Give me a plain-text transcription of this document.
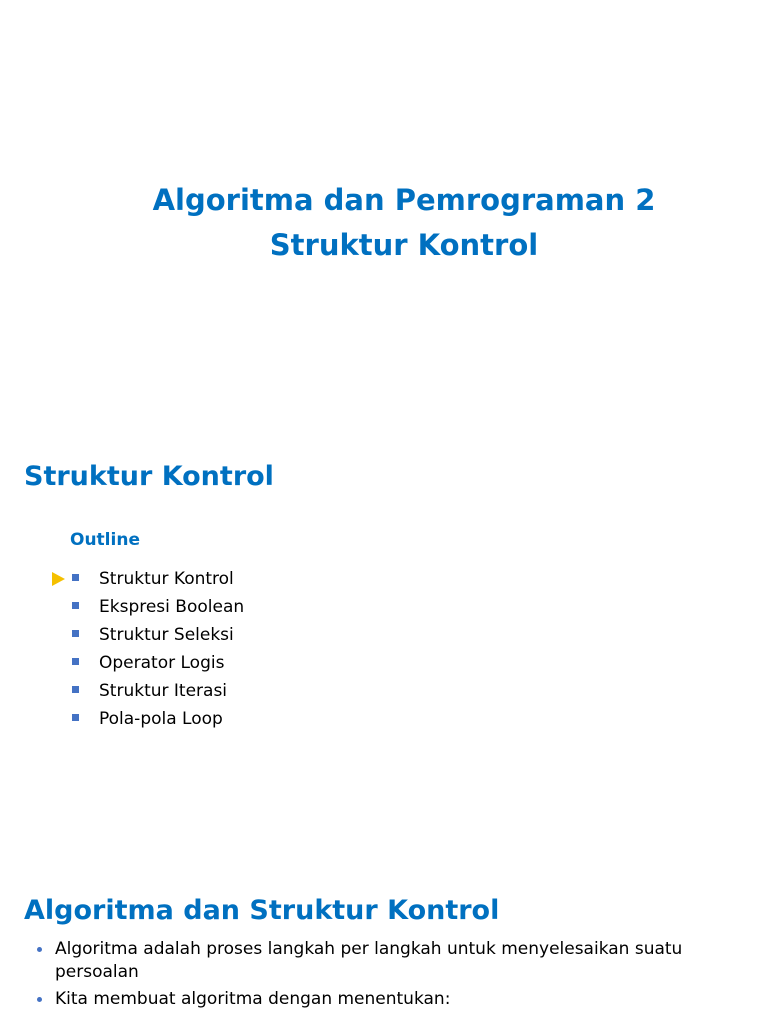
Algoritma dan Pemrograman 2
Struktur Kontrol
Struktur Kontrol
Outline
Struktur Kontrol
Ekspresi Boolean
Struktur Seleksi
Operator Logis
Struktur Iterasi
Pola-pola Loop
Algoritma dan Struktur Kontrol
Algoritma adalah proses langkah per langkah untuk menyelesaikan suatu persoalan
Kita membuat algoritma dengan menentukan:
